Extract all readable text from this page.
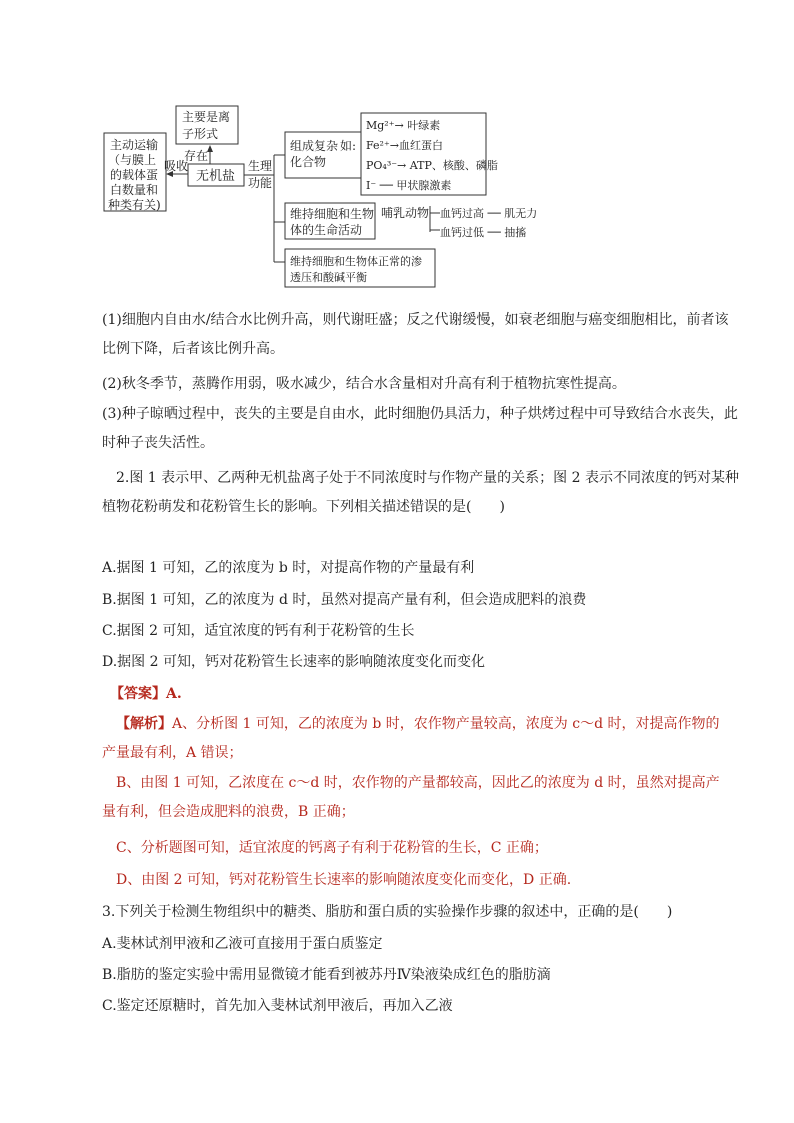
主动运输
（与膜上
的载体蛋
白数量和
种类有关)
吸收
主要是离
子形式
存在
无机盐
生理
功能
组成复杂
化合物
如:
Mg²⁺→ 叶绿素
Fe²⁺→血红蛋白
PO₄³⁻→ ATP、核酸、磷脂
I⁻ ── 甲状腺激素
维持细胞和生物
体的生命活动
哺乳动物 血钙过高 ── 肌无力
血钙过低 ── 抽搐
维持细胞和生物体正常的渗
透压和酸碱平衡

(1)细胞内自由水/结合水比例升高，则代谢旺盛；反之代谢缓慢，如衰老细胞与癌变细胞相比，前者该比例下降，后者该比例升高。

(2)秋冬季节，蒸腾作用弱，吸水减少，结合水含量相对升高有利于植物抗寒性提高。

(3)种子晾晒过程中，丧失的主要是自由水，此时细胞仍具活力，种子烘烤过程中可导致结合水丧失，此时种子丧失活性。

2.图 1 表示甲、乙两种无机盐离子处于不同浓度时与作物产量的关系；图 2 表示不同浓度的钙对某种植物花粉萌发和花粉管生长的影响。下列相关描述错误的是(　　)

A.据图 1 可知，乙的浓度为 b 时，对提高作物的产量最有利

B.据图 1 可知，乙的浓度为 d 时，虽然对提高产量有利，但会造成肥料的浪费

C.据图 2 可知，适宜浓度的钙有利于花粉管的生长

D.据图 2 可知，钙对花粉管生长速率的影响随浓度变化而变化

【答案】A.

【解析】A、分析图 1 可知，乙的浓度为 b 时，农作物产量较高，浓度为 c～d 时，对提高作物的产量最有利，A 错误；
B、由图 1 可知，乙浓度在 c～d 时，农作物的产量都较高，因此乙的浓度为 d 时，虽然对提高产量有利，但会造成肥料的浪费，B 正确；
C、分析题图可知，适宜浓度的钙离子有利于花粉管的生长，C 正确；
D、由图 2 可知，钙对花粉管生长速率的影响随浓度变化而变化，D 正确.

3.下列关于检测生物组织中的糖类、脂肪和蛋白质的实验操作步骤的叙述中，正确的是(　　)

A.斐林试剂甲液和乙液可直接用于蛋白质鉴定

B.脂肪的鉴定实验中需用显微镜才能看到被苏丹Ⅳ染液染成红色的脂肪滴

C.鉴定还原糖时，首先加入斐林试剂甲液后，再加入乙液
